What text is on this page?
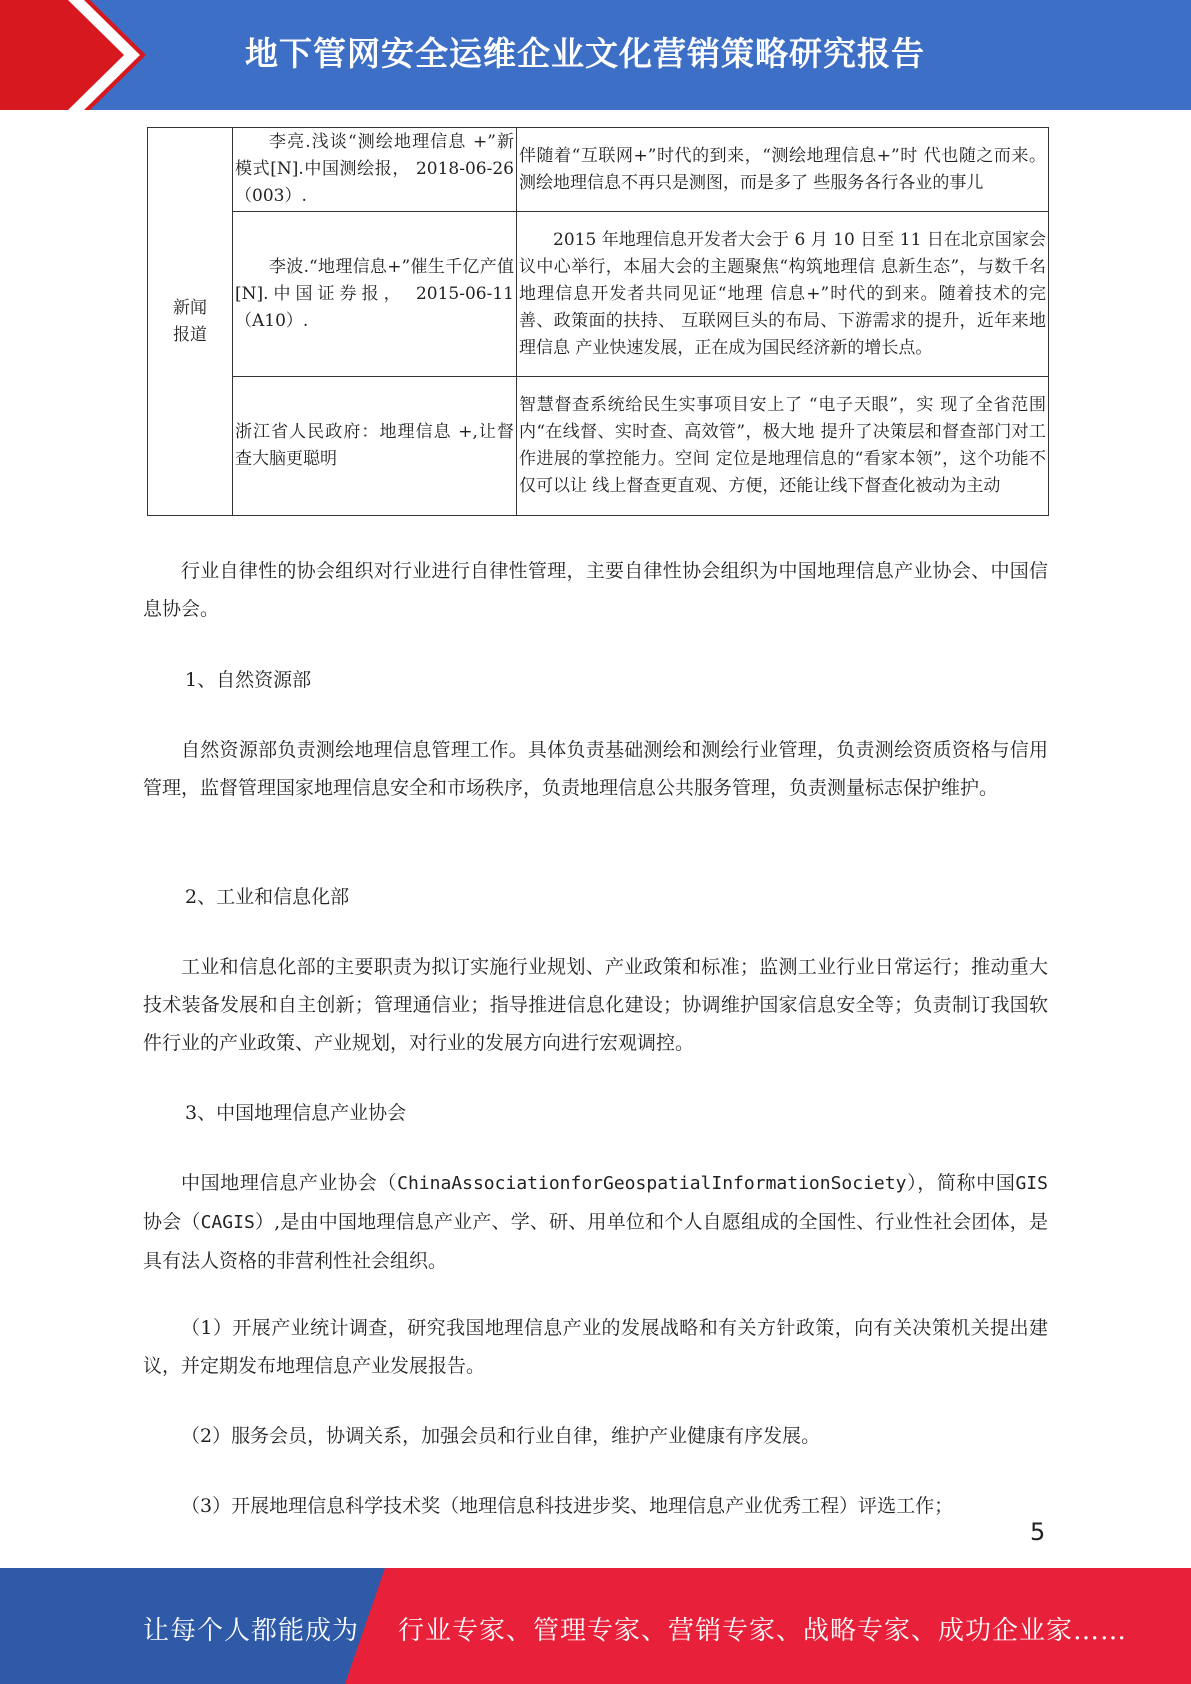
地下管网安全运维企业文化营销策略研究报告
新闻
报道	李亮.浅谈“测绘地理信息 +”新模式[N].中国测绘报， 2018-06-26 （003）.	伴随着“互联网+”时代的到来，“测绘地理信息+”时 代也随之而来。测绘地理信息不再只是测图，而是多了 些服务各行各业的事儿
	李波.“地理信息+”催生千亿产值[N].中国证券报， 2015-06-11（A10）.	2015 年地理信息开发者大会于 6 月 10 日至 11 日在北京国家会议中心举行，本届大会的主题聚焦“构筑地理信 息新生态”，与数千名地理信息开发者共同见证“地理 信息+”时代的到来。随着技术的完善、政策面的扶持、 互联网巨头的布局、下游需求的提升，近年来地理信息 产业快速发展，正在成为国民经济新的增长点。
	浙江省人民政府：地理信息 +,让督查大脑更聪明	智慧督查系统给民生实事项目安上了 “电子天眼”，实 现了全省范围内“在线督、实时查、高效管”，极大地 提升了决策层和督查部门对工作进展的掌控能力。空间 定位是地理信息的“看家本领”，这个功能不仅可以让 线上督查更直观、方便，还能让线下督查化被动为主动

行业自律性的协会组织对行业进行自律性管理，主要自律性协会组织为中国地理信息产业协会、中国信息协会。

1、自然资源部

自然资源部负责测绘地理信息管理工作。具体负责基础测绘和测绘行业管理，负责测绘资质资格与信用管理，监督管理国家地理信息安全和市场秩序，负责地理信息公共服务管理，负责测量标志保护维护。

2、工业和信息化部

工业和信息化部的主要职责为拟订实施行业规划、产业政策和标准；监测工业行业日常运行；推动重大技术装备发展和自主创新；管理通信业；指导推进信息化建设；协调维护国家信息安全等；负责制订我国软件行业的产业政策、产业规划，对行业的发展方向进行宏观调控。

3、中国地理信息产业协会

中国地理信息产业协会（ChinaAssociationforGeospatialInformationSociety），简称中国GIS 协会（CAGIS）,是由中国地理信息产业产、学、研、用单位和个人自愿组成的全国性、行业性社会团体，是具有法人资格的非营利性社会组织。

（1）开展产业统计调查，研究我国地理信息产业的发展战略和有关方针政策，向有关决策机关提出建议，并定期发布地理信息产业发展报告。

（2）服务会员，协调关系，加强会员和行业自律，维护产业健康有序发展。

（3）开展地理信息科学技术奖（地理信息科技进步奖、地理信息产业优秀工程）评选工作；

5
让每个人都能成为 行业专家、管理专家、营销专家、战略专家、成功企业家……
